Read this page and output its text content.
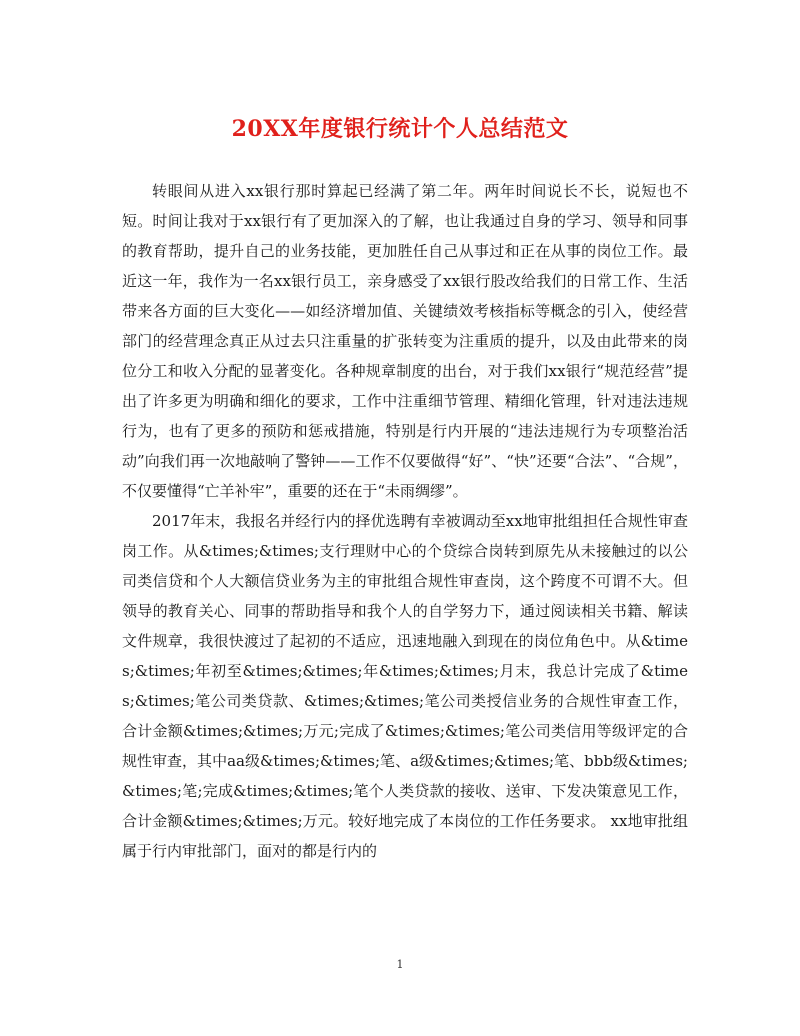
20XX年度银行统计个人总结范文

转眼间从进入xx银行那时算起已经满了第二年。两年时间说长不长，说短也不短。时间让我对于xx银行有了更加深入的了解，也让我通过自身的学习、领导和同事的教育帮助，提升自己的业务技能，更加胜任自己从事过和正在从事的岗位工作。最近这一年，我作为一名xx银行员工，亲身感受了xx银行股改给我们的日常工作、生活带来各方面的巨大变化——如经济增加值、关键绩效考核指标等概念的引入，使经营部门的经营理念真正从过去只注重量的扩张转变为注重质的提升，以及由此带来的岗位分工和收入分配的显著变化。各种规章制度的出台，对于我们xx银行“规范经营”提出了许多更为明确和细化的要求，工作中注重细节管理、精细化管理，针对违法违规行为，也有了更多的预防和惩戒措施，特别是行内开展的“违法违规行为专项整治活动”向我们再一次地敲响了警钟——工作不仅要做得“好”、“快”还要“合法”、“合规”，不仅要懂得“亡羊补牢”，重要的还在于“未雨绸缪”。

2017年末，我报名并经行内的择优选聘有幸被调动至xx地审批组担任合规性审查岗工作。从&times;&times;支行理财中心的个贷综合岗转到原先从未接触过的以公司类信贷和个人大额信贷业务为主的审批组合规性审查岗，这个跨度不可谓不大。但领导的教育关心、同事的帮助指导和我个人的自学努力下，通过阅读相关书籍、解读文件规章，我很快渡过了起初的不适应，迅速地融入到现在的岗位角色中。从&times;&times;年初至&times;&times;年&times;&times;月末，我总计完成了&times;&times;笔公司类贷款、&times;&times;笔公司类授信业务的合规性审查工作，合计金额&times;&times;万元;完成了&times;&times;笔公司类信用等级评定的合规性审查，其中aa级&times;&times;笔、a级&times;&times;笔、bbb级&times;&times;笔;完成&times;&times;笔个人类贷款的接收、送审、下发决策意见工作，合计金额&times;&times;万元。较好地完成了本岗位的工作任务要求。 xx地审批组属于行内审批部门，面对的都是行内的

1
